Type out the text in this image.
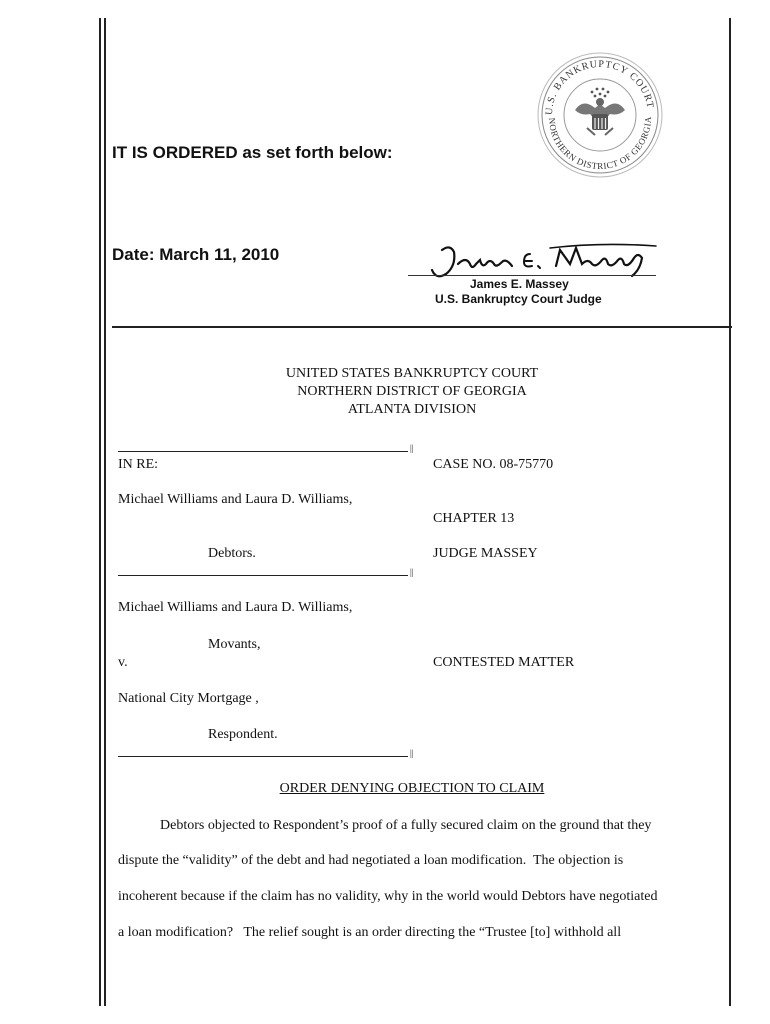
U.S. BANKRUPTCY COURT
NORTHERN DISTRICT OF GEORGIA
IT IS ORDERED as set forth below:
Date: March 11, 2010
James E. Massey
U.S. Bankruptcy Court Judge
UNITED STATES BANKRUPTCY COURT
NORTHERN DISTRICT OF GEORGIA
ATLANTA DIVISION
||
IN RE:	CASE NO. 08-75770
Michael Williams and Laura D. Williams,
CHAPTER 13
Debtors.	JUDGE MASSEY
||
Michael Williams and Laura D. Williams,
Movants,
v.	CONTESTED MATTER
National City Mortgage ,
Respondent.
||
ORDER DENYING OBJECTION TO CLAIM
Debtors objected to Respondent’s proof of a fully secured claim on the ground that they
dispute the “validity” of the debt and had negotiated a loan modification.  The objection is
incoherent because if the claim has no validity, why in the world would Debtors have negotiated
a loan modification?   The relief sought is an order directing the “Trustee [to] withhold all
